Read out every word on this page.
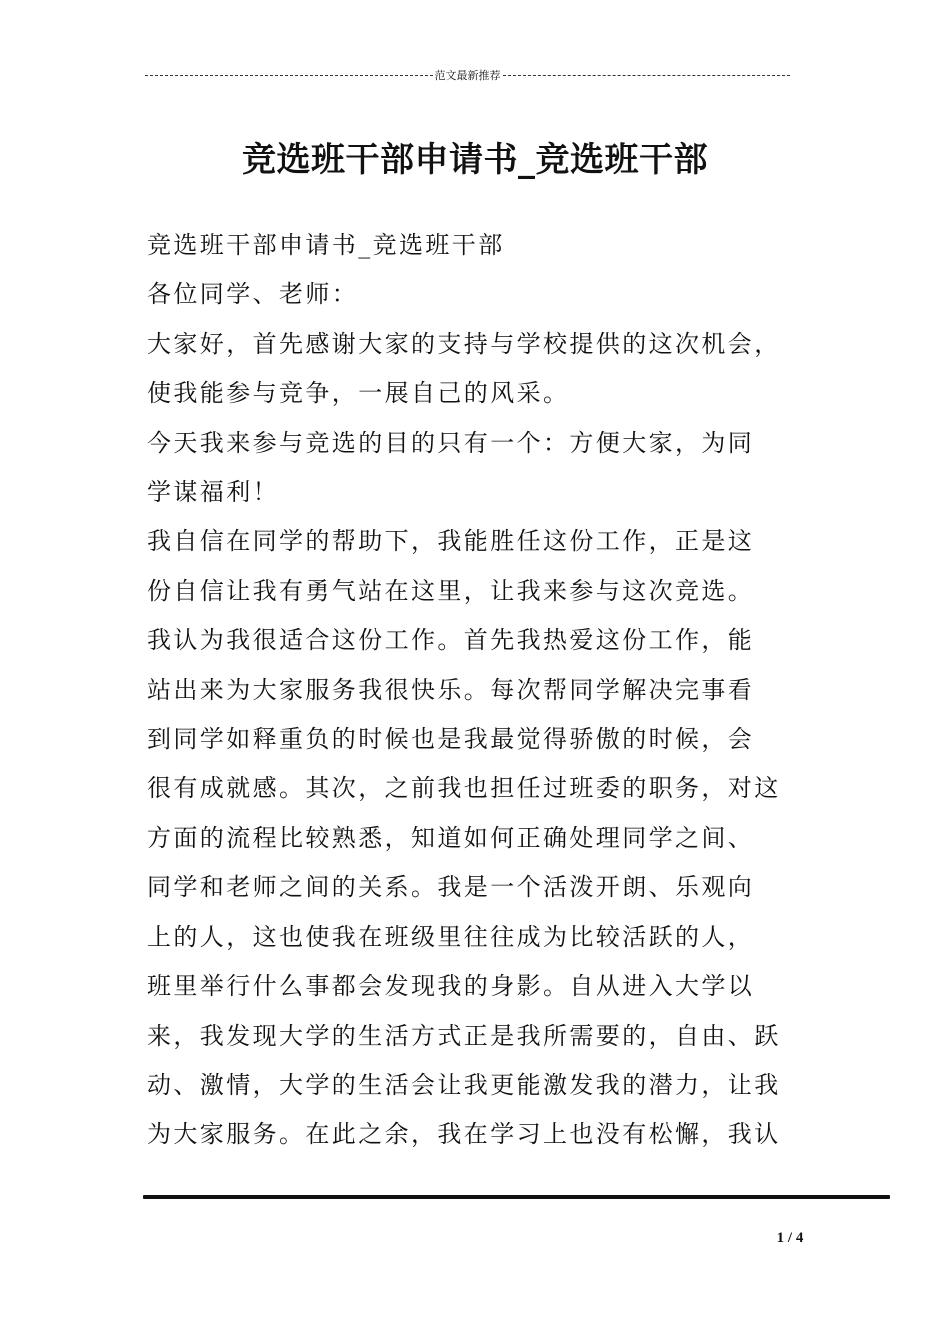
范文最新推荐
竞选班干部申请书_竞选班干部

竞选班干部申请书_竞选班干部

各位同学、老师：

大家好，首先感谢大家的支持与学校提供的这次机会，

使我能参与竞争，一展自己的风采。

今天我来参与竞选的目的只有一个：方便大家，为同

学谋福利！

我自信在同学的帮助下，我能胜任这份工作，正是这

份自信让我有勇气站在这里，让我来参与这次竞选。

我认为我很适合这份工作。首先我热爱这份工作，能

站出来为大家服务我很快乐。每次帮同学解决完事看

到同学如释重负的时候也是我最觉得骄傲的时候，会

很有成就感。其次，之前我也担任过班委的职务，对这

方面的流程比较熟悉，知道如何正确处理同学之间、

同学和老师之间的关系。我是一个活泼开朗、乐观向

上的人，这也使我在班级里往往成为比较活跃的人，

班里举行什么事都会发现我的身影。自从进入大学以

来，我发现大学的生活方式正是我所需要的，自由、跃

动、激情，大学的生活会让我更能激发我的潜力，让我

为大家服务。在此之余，我在学习上也没有松懈，我认

1 / 4
